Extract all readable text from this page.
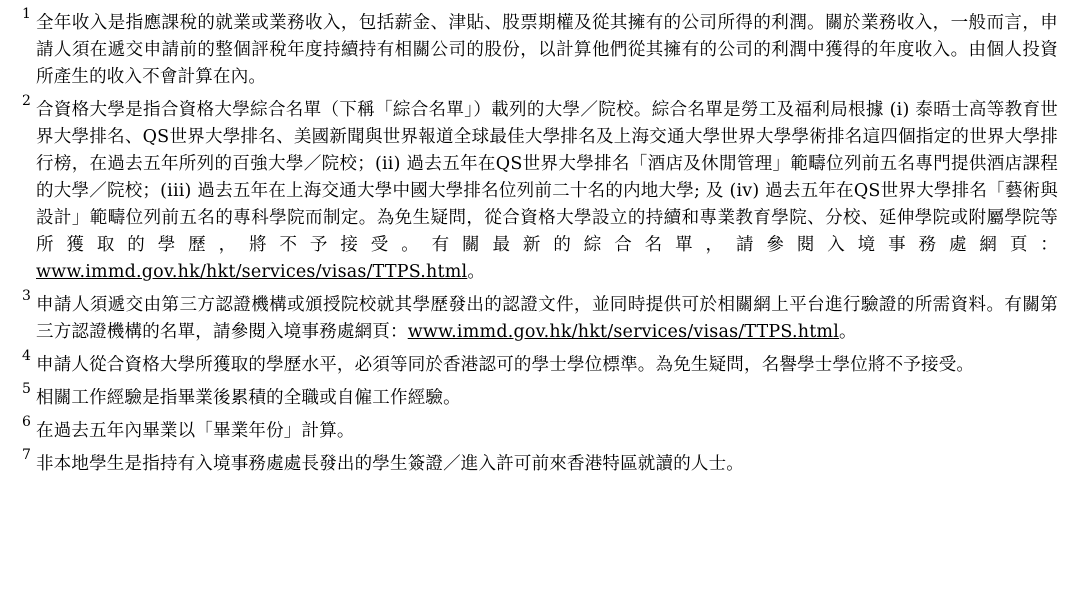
1 全年收入是指應課稅的就業或業務收入，包括薪金、津貼、股票期權及從其擁有的公司所得的利潤。關於業務收入，一般而言，申請人須在遞交申請前的整個評稅年度持續持有相關公司的股份，以計算他們從其擁有的公司的利潤中獲得的年度收入。由個人投資所產生的收入不會計算在內。
2 合資格大學是指合資格大學綜合名單（下稱「綜合名單」）載列的大學／院校。綜合名單是勞工及福利局根據 (i) 泰晤士高等教育世界大學排名、QS世界大學排名、美國新聞與世界報道全球最佳大學排名及上海交通大學世界大學學術排名這四個指定的世界大學排行榜，在過去五年所列的百強大學／院校；(ii) 過去五年在QS世界大學排名「酒店及休閒管理」範疇位列前五名專門提供酒店課程的大學／院校；(iii) 過去五年在上海交通大學中國大學排名位列前二十名的内地大學; 及 (iv) 過去五年在QS世界大學排名「藝術與設計」範疇位列前五名的專科學院而制定。為免生疑問，從合資格大學設立的持續和專業教育學院、分校、延伸學院或附屬學院等所獲取的學歷，將不予接受。有關最新的綜合名單，請參閱入境事務處網頁：www.immd.gov.hk/hkt/services/visas/TTPS.html。
3 申請人須遞交由第三方認證機構或頒授院校就其學歷發出的認證文件，並同時提供可於相關網上平台進行驗證的所需資料。有關第三方認證機構的名單，請參閱入境事務處網頁：www.immd.gov.hk/hkt/services/visas/TTPS.html。
4 申請人從合資格大學所獲取的學歷水平，必須等同於香港認可的學士學位標準。為免生疑問，名譽學士學位將不予接受。
5 相關工作經驗是指畢業後累積的全職或自僱工作經驗。
6 在過去五年內畢業以「畢業年份」計算。
7 非本地學生是指持有入境事務處處長發出的學生簽證／進入許可前來香港特區就讀的人士。
